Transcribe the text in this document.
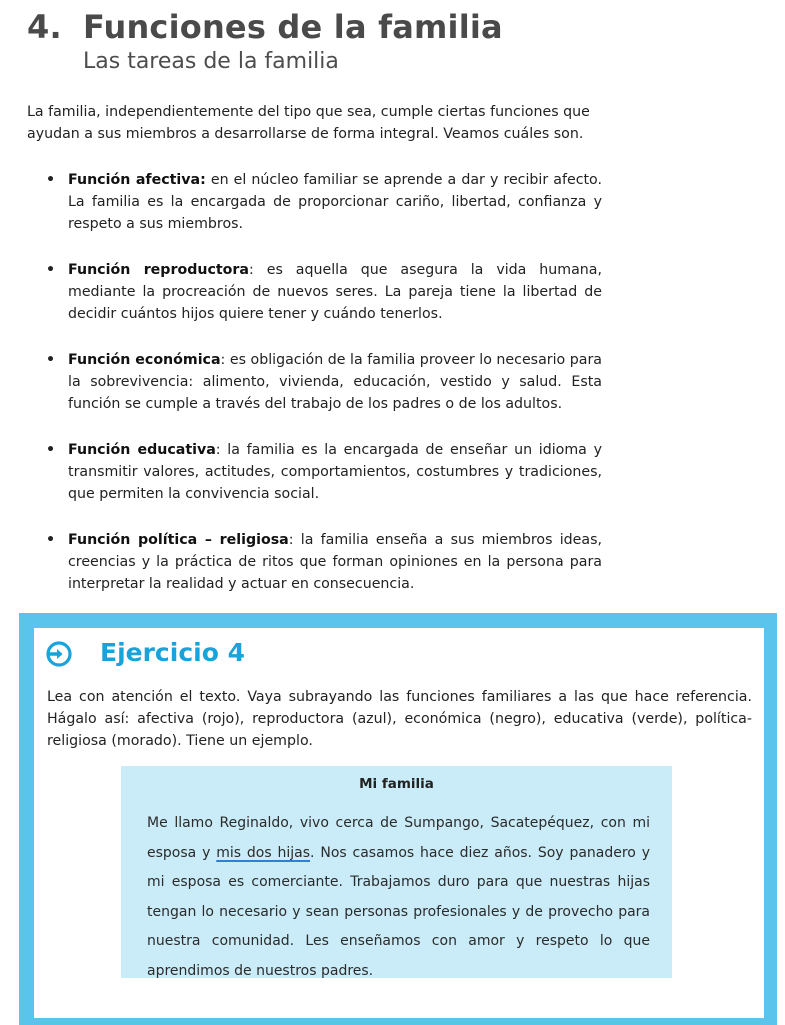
4. Funciones de la familia
Las tareas de la familia

La familia, independientemente del tipo que sea, cumple ciertas funciones que ayudan a sus miembros a desarrollarse de forma integral. Veamos cuáles son.

• Función afectiva: en el núcleo familiar se aprende a dar y recibir afecto. La familia es la encargada de proporcionar cariño, libertad, confianza y respeto a sus miembros.
• Función reproductora: es aquella que asegura la vida humana, mediante la procreación de nuevos seres. La pareja tiene la libertad de decidir cuántos hijos quiere tener y cuándo tenerlos.
• Función económica: es obligación de la familia proveer lo necesario para la sobrevivencia: alimento, vivienda, educación, vestido y salud. Esta función se cumple a través del trabajo de los padres o de los adultos.
• Función educativa: la familia es la encargada de enseñar un idioma y transmitir valores, actitudes, comportamientos, costumbres y tradiciones, que permiten la convivencia social.
• Función política – religiosa: la familia enseña a sus miembros ideas, creencias y la práctica de ritos que forman opiniones en la persona para interpretar la realidad y actuar en consecuencia.
Ejercicio 4

Lea con atención el texto. Vaya subrayando las funciones familiares a las que hace referencia. Hágalo así: afectiva (rojo), reproductora (azul), económica (negro), educativa (verde), política-religiosa (morado). Tiene un ejemplo.

Mi familia

Me llamo Reginaldo, vivo cerca de Sumpango, Sacatepéquez, con mi esposa y mis dos hijas. Nos casamos hace diez años. Soy panadero y mi esposa es comerciante. Trabajamos duro para que nuestras hijas tengan lo necesario y sean personas profesionales y de provecho para nuestra comunidad. Les enseñamos con amor y respeto lo que aprendimos de nuestros padres.
